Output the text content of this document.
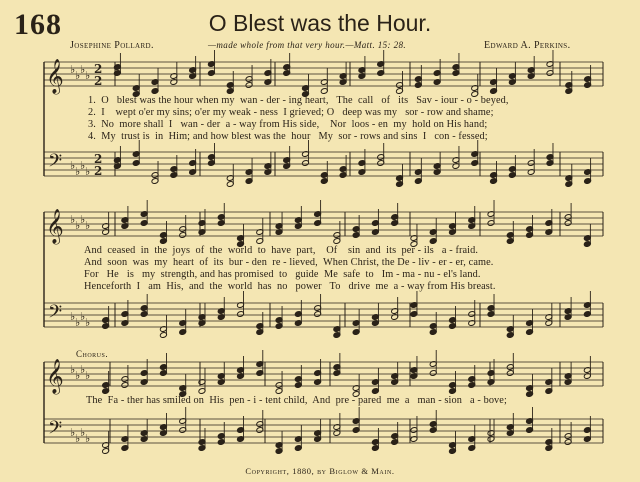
168	O Blest was the Hour.
Josephine Pollard.	—made whole from that very hour.—Matt. 15: 28.	Edward A. Perkins.
𝄞
𝄢
♭ ♭ ♭ ♭
♭ ♭ ♭ ♭
2
2
2
2
𝄞
𝄢
♭ ♭ ♭ ♭
♭ ♭ ♭ ♭
𝄞
𝄢
♭ ♭ ♭ ♭
♭ ♭ ♭ ♭
1.  O   blest was the hour when my  wan - der - ing heart,   The  call   of   its   Sav - iour - o - beyed,
2.  I    wept o'er my sins; o'er my weak - ness  I grieved; O   deep was my   sor - row and shame;
3.  No  more shall  I   wan - der  a - way from His side,    Nor  loos - en  my  hold on His hand;
4.  My  trust is  in  Him; and how blest was the  hour   My  sor - rows and sins  I   con - fessed;
And  ceased  in  the  joys  of  the  world  to  have  part,    Of    sin  and  its  per - ils   a - fraid.
And  soon  was  my  heart  of  its  bur - den  re - lieved,  When Christ, the De - liv - er - er, came.
For   He   is   my  strength, and has promised  to   guide  Me  safe  to   Im - ma - nu - el's land.
Henceforth  I   am  His,  and  the  world  has  no   power   To   drive  me  a - way from His breast.
Chorus.
The  Fa - ther has smiled on  His  pen - i - tent child,  And  pre - pared  me  a   man - sion   a - bove;
Copyright, 1880, by Biglow & Main.
